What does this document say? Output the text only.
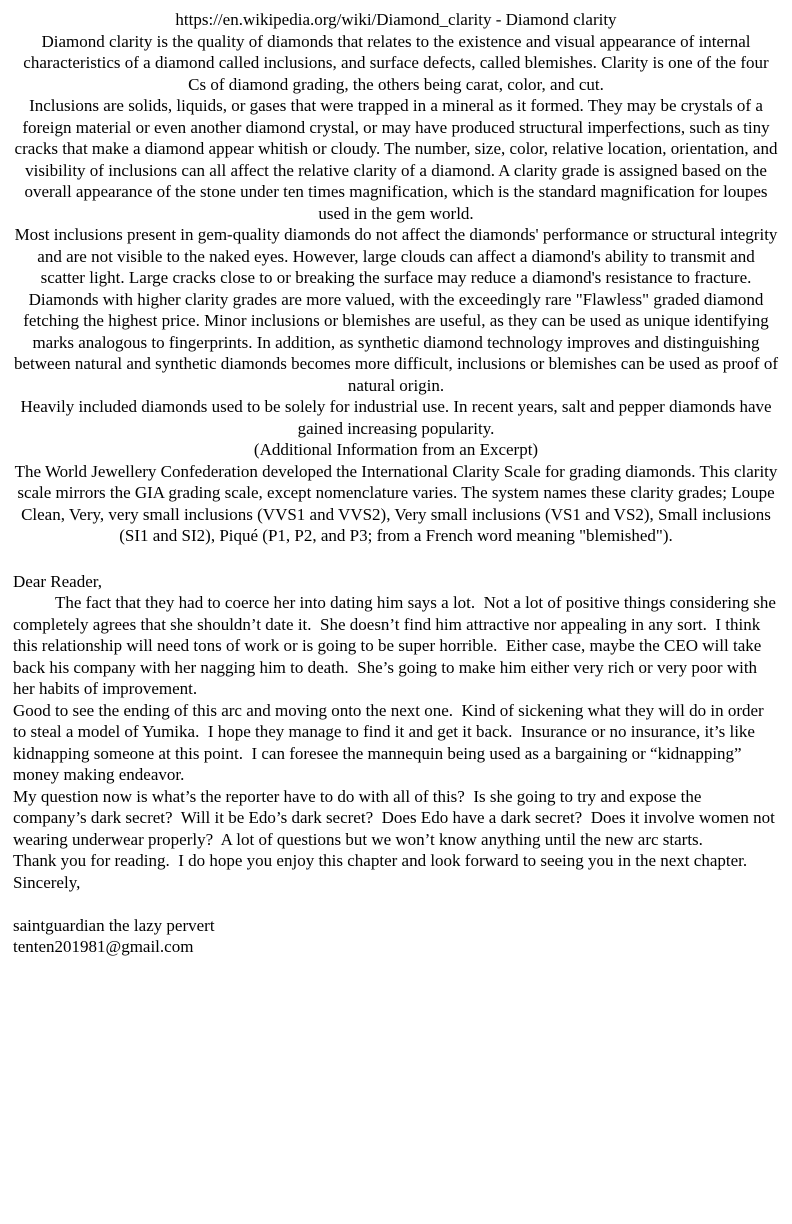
https://en.wikipedia.org/wiki/Diamond_clarity - Diamond clarity

Diamond clarity is the quality of diamonds that relates to the existence and visual appearance of internal characteristics of a diamond called inclusions, and surface defects, called blemishes. Clarity is one of the four Cs of diamond grading, the others being carat, color, and cut.

Inclusions are solids, liquids, or gases that were trapped in a mineral as it formed. They may be crystals of a foreign material or even another diamond crystal, or may have produced structural imperfections, such as tiny cracks that make a diamond appear whitish or cloudy. The number, size, color, relative location, orientation, and visibility of inclusions can all affect the relative clarity of a diamond. A clarity grade is assigned based on the overall appearance of the stone under ten times magnification, which is the standard magnification for loupes used in the gem world.

Most inclusions present in gem-quality diamonds do not affect the diamonds' performance or structural integrity and are not visible to the naked eyes. However, large clouds can affect a diamond's ability to transmit and scatter light. Large cracks close to or breaking the surface may reduce a diamond's resistance to fracture.

Diamonds with higher clarity grades are more valued, with the exceedingly rare "Flawless" graded diamond fetching the highest price. Minor inclusions or blemishes are useful, as they can be used as unique identifying marks analogous to fingerprints. In addition, as synthetic diamond technology improves and distinguishing between natural and synthetic diamonds becomes more difficult, inclusions or blemishes can be used as proof of natural origin.

Heavily included diamonds used to be solely for industrial use. In recent years, salt and pepper diamonds have gained increasing popularity.

(Additional Information from an Excerpt)

The World Jewellery Confederation developed the International Clarity Scale for grading diamonds. This clarity scale mirrors the GIA grading scale, except nomenclature varies. The system names these clarity grades; Loupe Clean, Very, very small inclusions (VVS1 and VVS2), Very small inclusions (VS1 and VS2), Small inclusions (SI1 and SI2), Piqué (P1, P2, and P3; from a French word meaning "blemished").

Dear Reader,

The fact that they had to coerce her into dating him says a lot.  Not a lot of positive things considering she completely agrees that she shouldn’t date it.  She doesn’t find him attractive nor appealing in any sort.  I think this relationship will need tons of work or is going to be super horrible.  Either case, maybe the CEO will take back his company with her nagging him to death.  She’s going to make him either very rich or very poor with her habits of improvement.

Good to see the ending of this arc and moving onto the next one.  Kind of sickening what they will do in order to steal a model of Yumika.  I hope they manage to find it and get it back.  Insurance or no insurance, it’s like kidnapping someone at this point.  I can foresee the mannequin being used as a bargaining or “kidnapping” money making endeavor.

My question now is what’s the reporter have to do with all of this?  Is she going to try and expose the company’s dark secret?  Will it be Edo’s dark secret?  Does Edo have a dark secret?  Does it involve women not wearing underwear properly?  A lot of questions but we won’t know anything until the new arc starts.

Thank you for reading.  I do hope you enjoy this chapter and look forward to seeing you in the next chapter.

Sincerely,

saintguardian the lazy pervert

tenten201981@gmail.com
